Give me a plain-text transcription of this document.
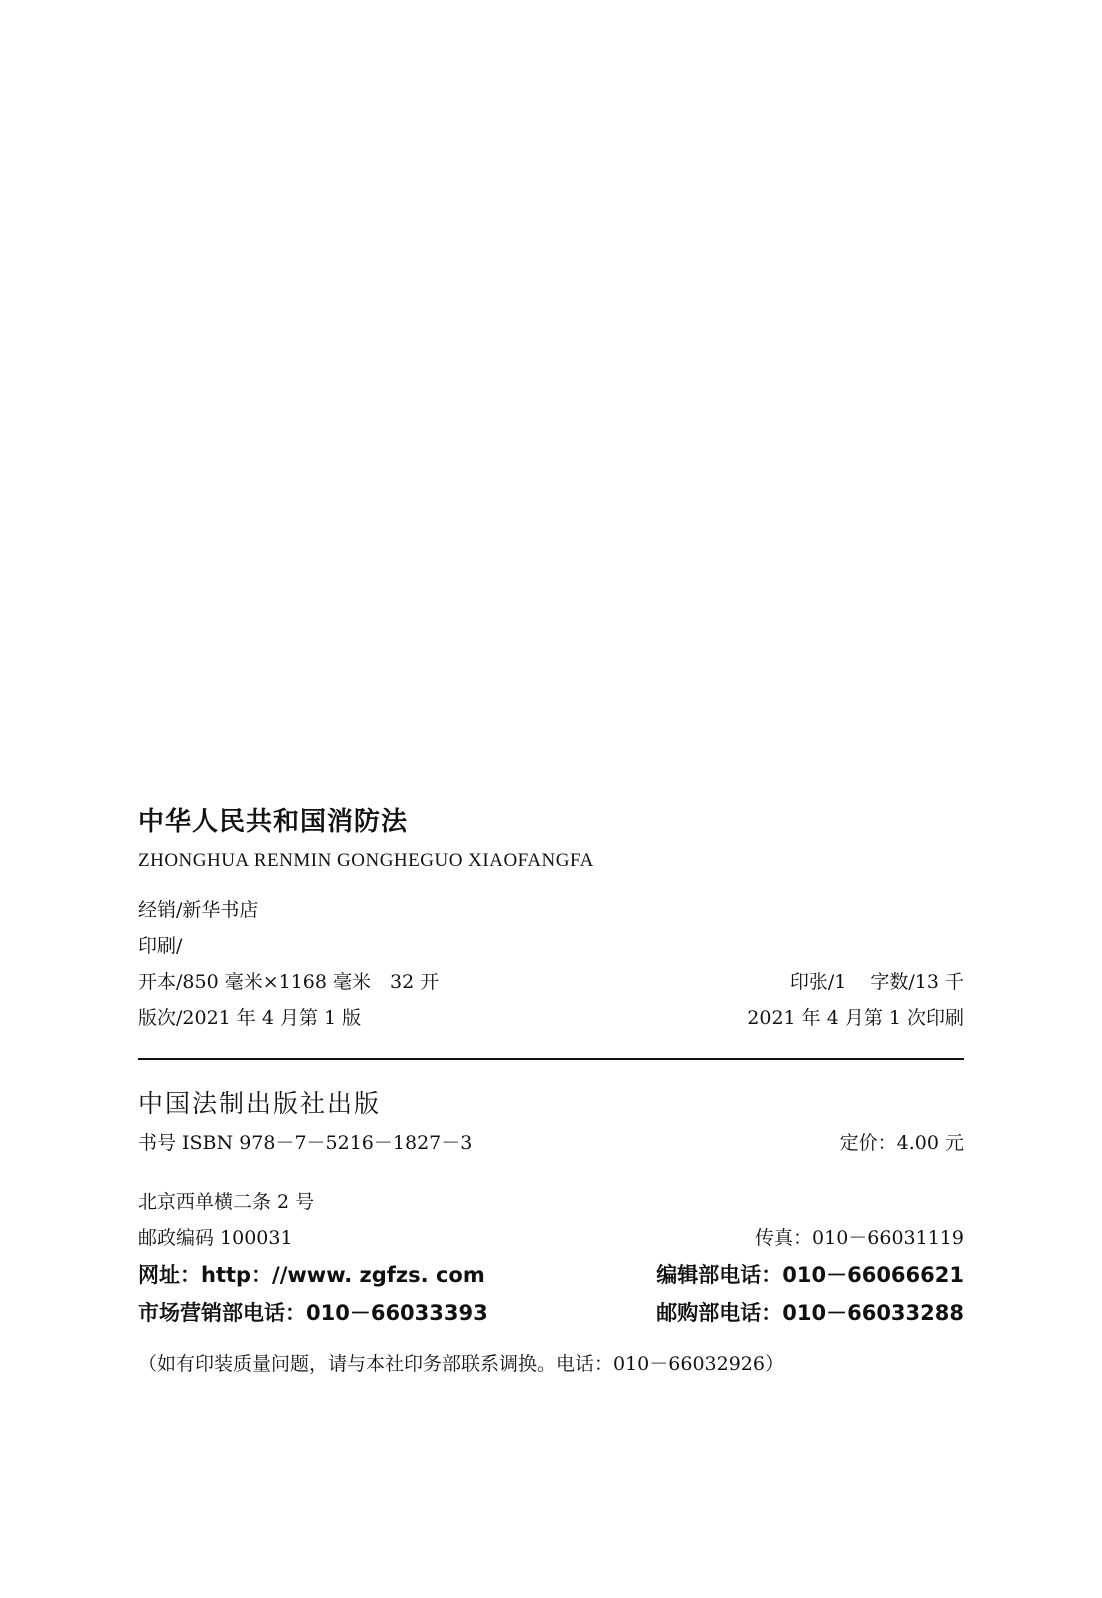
中华人民共和国消防法
ZHONGHUA RENMIN GONGHEGUO XIAOFANGFA
经销/新华书店
印刷/
开本/850 毫米×1168 毫米　32 开	印张/1 字数/13 千
版次/2021 年 4 月第 1 版	2021 年 4 月第 1 次印刷
中国法制出版社出版
书号 ISBN 978－7－5216－1827－3	定价：4.00 元
北京西单横二条 2 号
邮政编码 100031	传真：010－66031119
网址：http：//www. zgfzs. com	编辑部电话：010－66066621
市场营销部电话：010－66033393	邮购部电话：010－66033288
（如有印装质量问题，请与本社印务部联系调换。电话：010－66032926）
